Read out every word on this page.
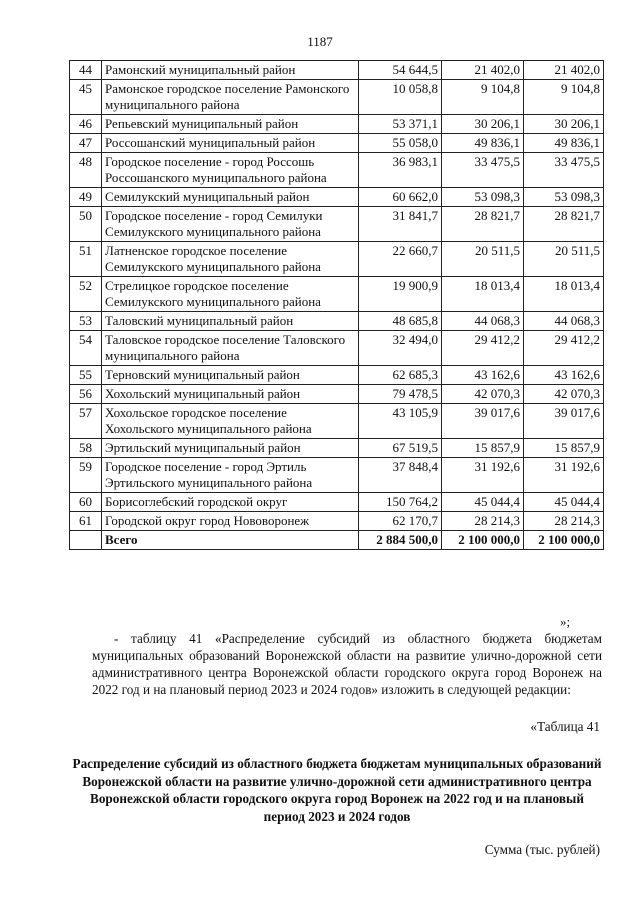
1187
44	Рамонский муниципальный район	54 644,5	21 402,0	21 402,0
45	Рамонское городское поселение Рамонского муниципального района	10 058,8	9 104,8	9 104,8
46	Репьевский муниципальный район	53 371,1	30 206,1	30 206,1
47	Россошанский муниципальный район	55 058,0	49 836,1	49 836,1
48	Городское поселение - город Россошь Россошанского муниципального района	36 983,1	33 475,5	33 475,5
49	Семилукский муниципальный район	60 662,0	53 098,3	53 098,3
50	Городское поселение - город Семилуки Семилукского муниципального района	31 841,7	28 821,7	28 821,7
51	Латненское городское поселение Семилукского муниципального района	22 660,7	20 511,5	20 511,5
52	Стрелицкое городское поселение Семилукского муниципального района	19 900,9	18 013,4	18 013,4
53	Таловский муниципальный район	48 685,8	44 068,3	44 068,3
54	Таловское городское поселение Таловского муниципального района	32 494,0	29 412,2	29 412,2
55	Терновский муниципальный район	62 685,3	43 162,6	43 162,6
56	Хохольский муниципальный район	79 478,5	42 070,3	42 070,3
57	Хохольское городское поселение Хохольского муниципального района	43 105,9	39 017,6	39 017,6
58	Эртильский муниципальный район	67 519,5	15 857,9	15 857,9
59	Городское поселение - город Эртиль Эртильского муниципального района	37 848,4	31 192,6	31 192,6
60	Борисоглебский городской округ	150 764,2	45 044,4	45 044,4
61	Городской округ город Нововоронеж	62 170,7	28 214,3	28 214,3
	Всего	2 884 500,0	2 100 000,0	2 100 000,0
»;
- таблицу 41 «Распределение субсидий из областного бюджета бюджетам муниципальных образований Воронежской области на развитие улично-дорожной сети административного центра Воронежской области городского округа город Воронеж на 2022 год и на плановый период 2023 и 2024 годов» изложить в следующей редакции:
«Таблица 41
Распределение субсидий из областного бюджета бюджетам муниципальных образований Воронежской области на развитие улично-дорожной сети административного центра Воронежской области городского округа город Воронеж на 2022 год и на плановый период 2023 и 2024 годов
Сумма (тыс. рублей)
